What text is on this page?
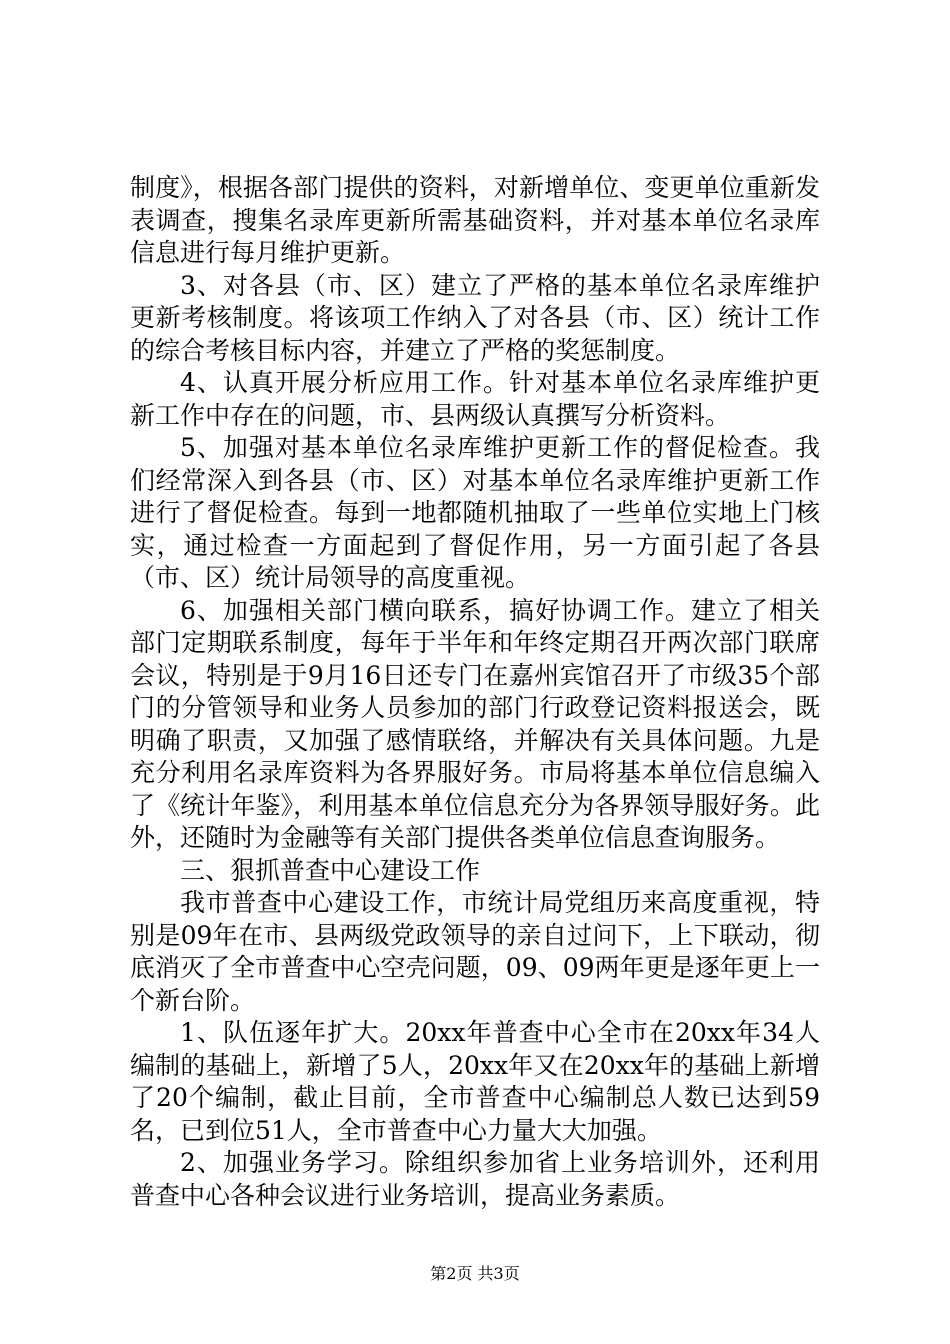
制度》，根据各部门提供的资料，对新增单位、变更单位重新发表调查，搜集名录库更新所需基础资料，并对基本单位名录库信息进行每月维护更新。

3、对各县（市、区）建立了严格的基本单位名录库维护更新考核制度。将该项工作纳入了对各县（市、区）统计工作的综合考核目标内容，并建立了严格的奖惩制度。

4、认真开展分析应用工作。针对基本单位名录库维护更新工作中存在的问题，市、县两级认真撰写分析资料。

5、加强对基本单位名录库维护更新工作的督促检查。我们经常深入到各县（市、区）对基本单位名录库维护更新工作进行了督促检查。每到一地都随机抽取了一些单位实地上门核实，通过检查一方面起到了督促作用，另一方面引起了各县（市、区）统计局领导的高度重视。

6、加强相关部门横向联系，搞好协调工作。建立了相关部门定期联系制度，每年于半年和年终定期召开两次部门联席会议，特别是于9月16日还专门在嘉州宾馆召开了市级35个部门的分管领导和业务人员参加的部门行政登记资料报送会，既明确了职责，又加强了感情联络，并解决有关具体问题。九是充分利用名录库资料为各界服好务。市局将基本单位信息编入了《统计年鉴》，利用基本单位信息充分为各界领导服好务。此外，还随时为金融等有关部门提供各类单位信息查询服务。

三、狠抓普查中心建设工作

我市普查中心建设工作，市统计局党组历来高度重视，特别是09年在市、县两级党政领导的亲自过问下，上下联动，彻底消灭了全市普查中心空壳问题，09、09两年更是逐年更上一个新台阶。

1、队伍逐年扩大。20xx年普查中心全市在20xx年34人编制的基础上，新增了5人，20xx年又在20xx年的基础上新增了20个编制，截止目前，全市普查中心编制总人数已达到59名，已到位51人，全市普查中心力量大大加强。

2、加强业务学习。除组织参加省上业务培训外，还利用普查中心各种会议进行业务培训，提高业务素质。

第2页 共3页
